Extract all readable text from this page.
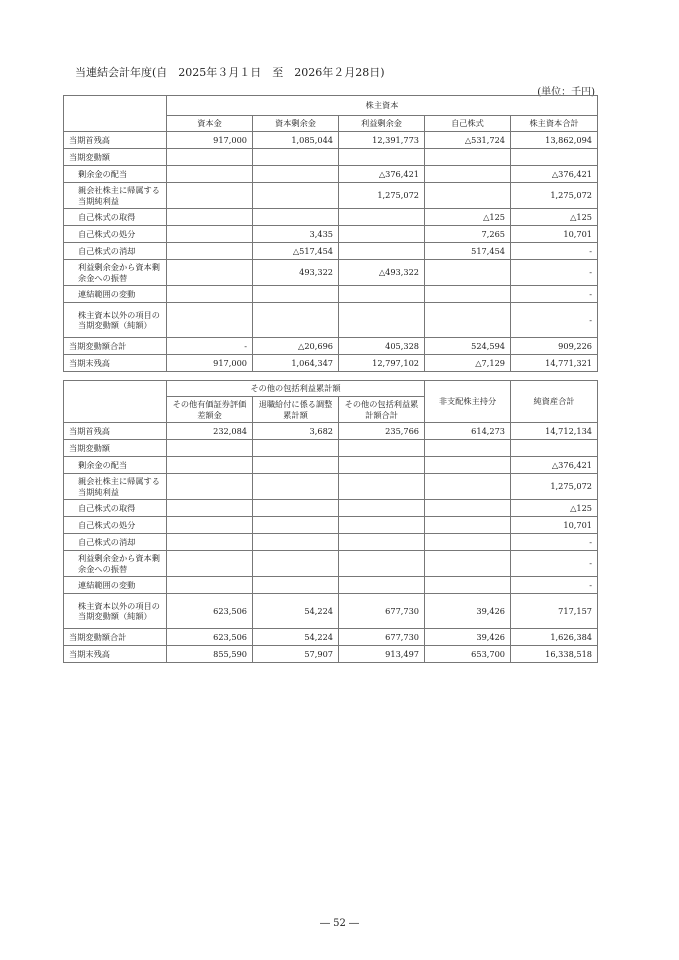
当連結会計年度(自　2025年３月１日　至　2026年２月28日)
(単位：千円)
	株主資本				
	資本金	資本剰余金	利益剰余金	自己株式	株主資本合計
当期首残高	917,000	1,085,044	12,391,773	△531,724	13,862,094
当期変動額					
剰余金の配当			△376,421		△376,421
親会社株主に帰属する当期純利益			1,275,072		1,275,072
自己株式の取得				△125	△125
自己株式の処分		3,435		7,265	10,701
自己株式の消却		△517,454		517,454	-
利益剰余金から資本剰余金への振替		493,322	△493,322		-
連結範囲の変動					-
株主資本以外の項目の当期変動額（純額）					-
当期変動額合計	-	△20,696	405,328	524,594	909,226
当期末残高	917,000	1,064,347	12,797,102	△7,129	14,771,321
	その他の包括利益累計額			非支配株主持分	純資産合計
	その他有価証券評価差額金	退職給付に係る調整累計額	その他の包括利益累計額合計		
当期首残高	232,084	3,682	235,766	614,273	14,712,134
当期変動額					
剰余金の配当					△376,421
親会社株主に帰属する当期純利益					1,275,072
自己株式の取得					△125
自己株式の処分					10,701
自己株式の消却					-
利益剰余金から資本剰余金への振替					-
連結範囲の変動					-
株主資本以外の項目の当期変動額（純額）	623,506	54,224	677,730	39,426	717,157
当期変動額合計	623,506	54,224	677,730	39,426	1,626,384
当期末残高	855,590	57,907	913,497	653,700	16,338,518
― 52 ―
